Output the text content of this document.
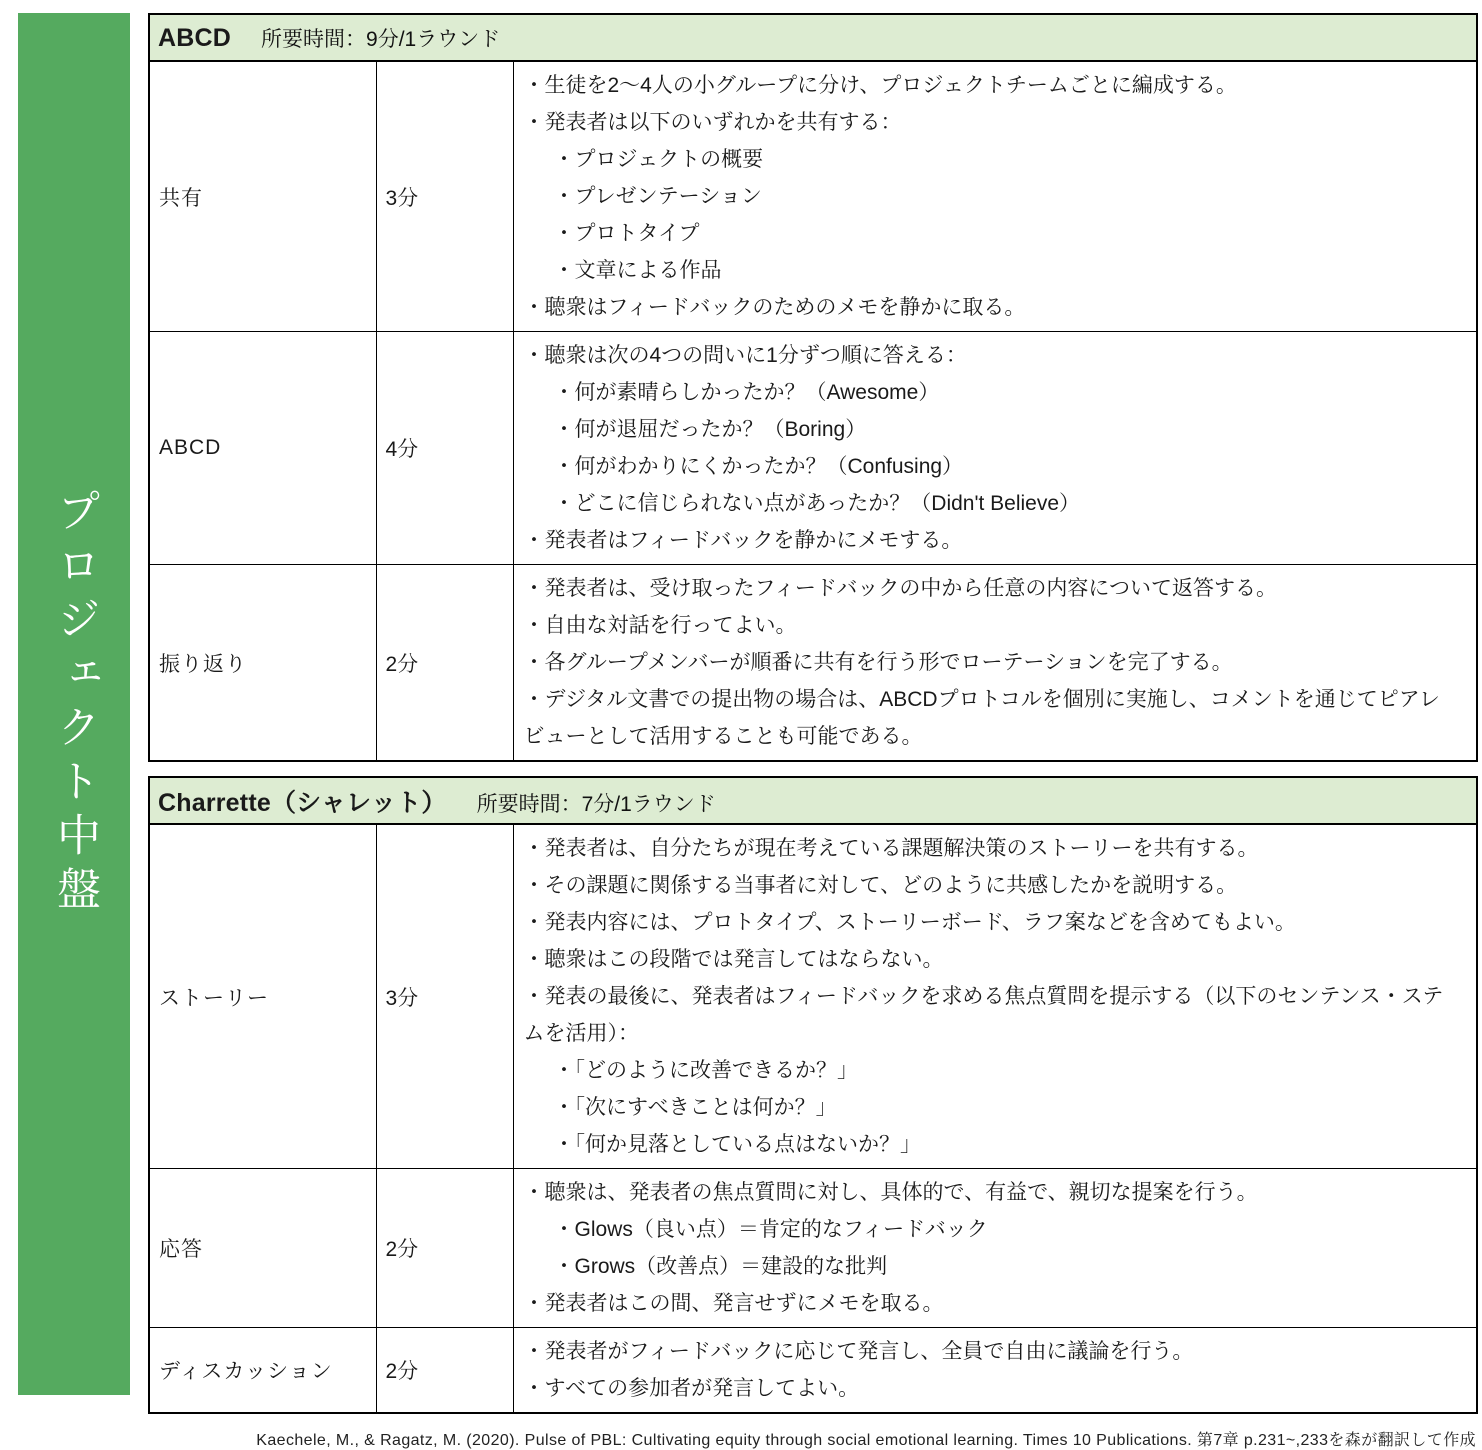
プロジェクト中盤
ABCD 所要時間：9分/1ラウンド		
共有	3分	
・生徒を2～4人の小グループに分け、プロジェクトチームごとに編成する。
・発表者は以下のいずれかを共有する：
・プロジェクトの概要
・プレゼンテーション
・プロトタイプ
・文章による作品
・聴衆はフィードバックのためのメモを静かに取る。

ABCD	4分	
・聴衆は次の4つの問いに1分ずつ順に答える：
・何が素晴らしかったか？（Awesome）
・何が退屈だったか？（Boring）
・何がわかりにくかったか？（Confusing）
・どこに信じられない点があったか？（Didn't Believe）
・発表者はフィードバックを静かにメモする。

振り返り	2分	・発表者は、受け取ったフィードバックの中から任意の内容について返答する。
・自由な対話を行ってよい。
・各グループメンバーが順番に共有を行う形でローテーションを完了する。
・デジタル文書での提出物の場合は、ABCDプロトコルを個別に実施し、コメントを通じてピアレビューとして活用することも可能である。
Charrette（シャレット） 所要時間：7分/1ラウンド		
ストーリー	3分	
・発表者は、自分たちが現在考えている課題解決策のストーリーを共有する。
・その課題に関係する当事者に対して、どのように共感したかを説明する。
・発表内容には、プロトタイプ、ストーリーボード、ラフ案などを含めてもよい。
・聴衆はこの段階では発言してはならない。
・発表の最後に、発表者はフィードバックを求める焦点質問を提示する（以下のセンテンス・ステムを活用）：
・「どのように改善できるか？」
・「次にすべきことは何か？」
・「何か見落としている点はないか？」

応答	2分	・聴衆は、発表者の焦点質問に対し、具体的で、有益で、親切な提案を行う。
・Glows（良い点）＝肯定的なフィードバック
・Grows（改善点）＝建設的な批判
・発表者はこの間、発言せずにメモを取る。

ディスカッション	2分	・発表者がフィードバックに応じて発言し、全員で自由に議論を行う。
・すべての参加者が発言してよい。
Kaechele, M., & Ragatz, M. (2020). Pulse of PBL: Cultivating equity through social emotional learning. Times 10 Publications. 第7章 p.231~,233を森が翻訳して作成
